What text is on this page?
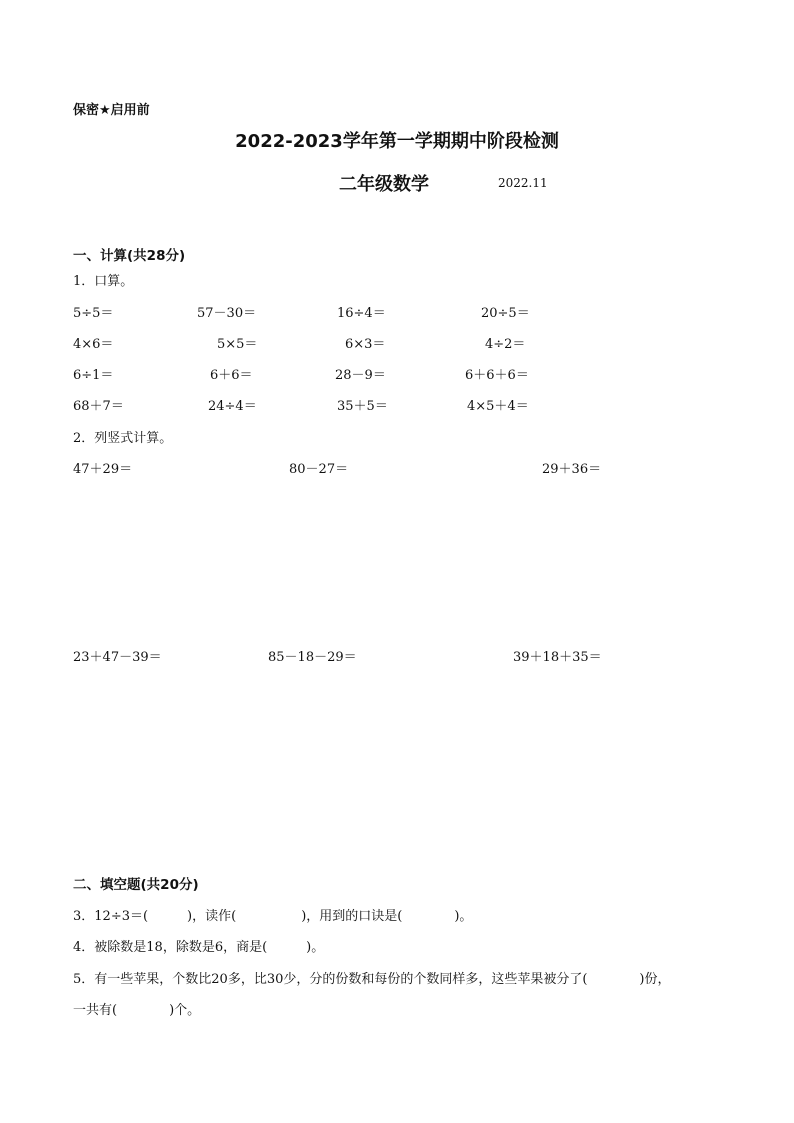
保密★启用前
2022-2023学年第一学期期中阶段检测
二年级数学	2022.11
一、计算(共28分)
1．口算。
5÷5＝	57－30＝	16÷4＝	20÷5＝
4×6＝	5×5＝	6×3＝	4÷2＝
6÷1＝	6＋6＝	28－9＝	6＋6＋6＝
68＋7＝	24÷4＝	35＋5＝	4×5＋4＝
2．列竖式计算。
47＋29＝	80－27＝	29＋36＝
23＋47－39＝	85－18－29＝	39＋18＋35＝
二、填空题(共20分)
3．12÷3＝(　　　)，读作(　　　　　)，用到的口诀是(　　　　)。
4．被除数是18，除数是6，商是(　　　)。
5．有一些苹果，个数比20多，比30少，分的份数和每份的个数同样多，这些苹果被分了(　　　　)份，
一共有(　　　　)个。
